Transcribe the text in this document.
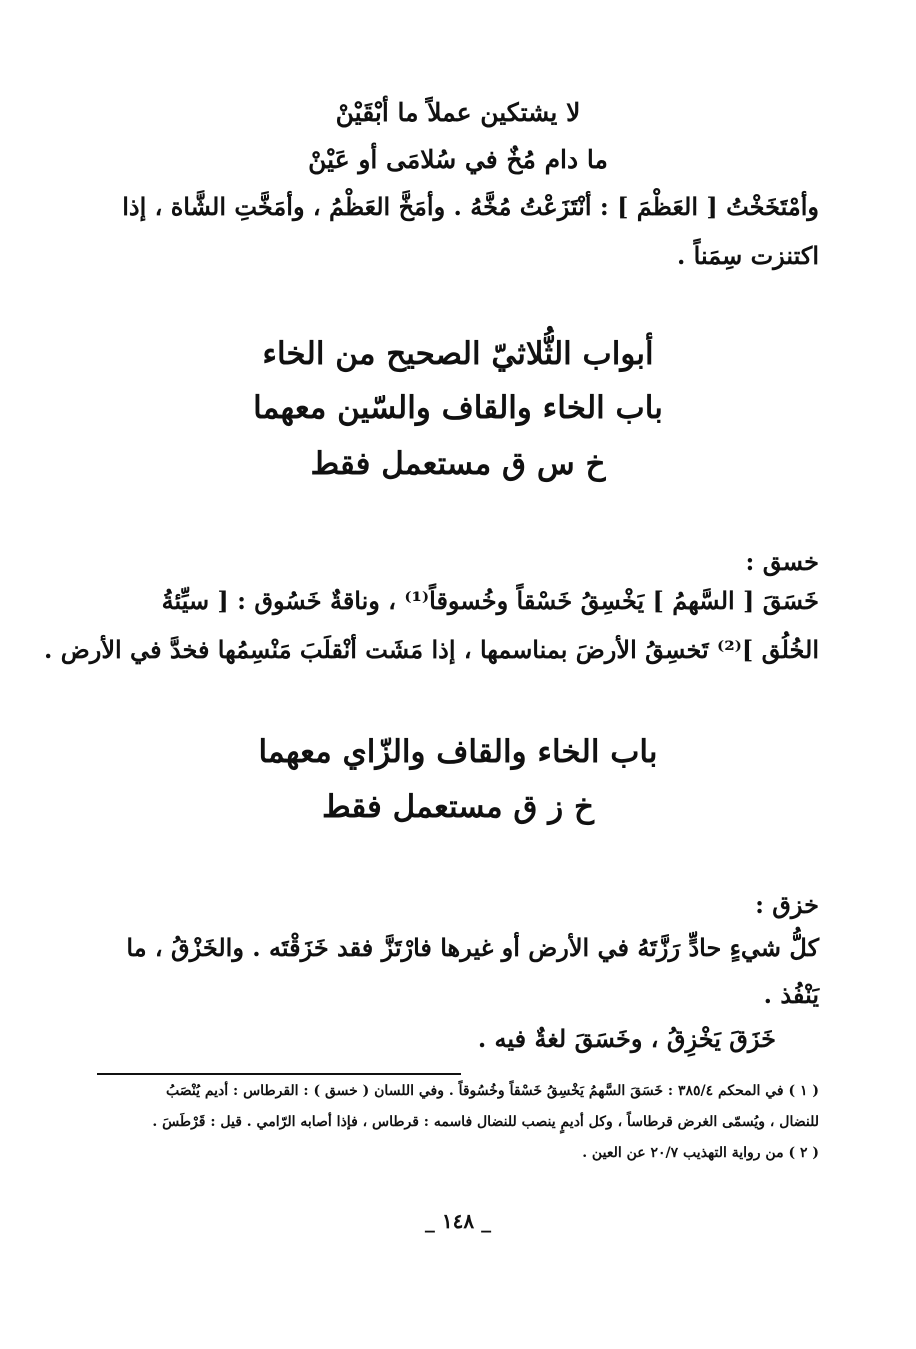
لا يشتكين عملاً ما أبْقَيْنْ
ما دام مُخٌ في سُلامَى أو عَيْنْ
وأمْتَخَخْتُ [ العَظْمَ ] : أنْتَزَعْتُ مُخَّهُ . وأمَخَّ العَظْمُ ، وأمَخَّتِ الشَّاة ، إذا
اكتنزت سِمَناً .
أبواب الثُّلاثيّ الصحيح من الخاء
باب الخاء والقاف والسّين معهما
خ س ق مستعمل فقط
خسق :
خَسَقَ [ السَّهمُ ] يَخْسِقُ خَسْقاً وخُسوقاً⁽¹⁾ ، وناقةٌ خَسُوق : [ سيِّئةُ
الخُلُق ]⁽²⁾ تَخسِقُ الأرضَ بمناسمها ، إذا مَشَت أنْقلَبَ مَنْسِمُها فخدَّ في الأرض .
باب الخاء والقاف والزّاي معهما
خ ز ق مستعمل فقط
خزق :
كلُّ شيءٍ حادٍّ رَزَّتَهُ في الأرض أو غيرها فارْتَزَّ فقد خَزَقْتَه . والخَزْقُ ، ما
يَنْفُذ .
خَزَقَ يَخْزِقُ ، وخَسَقَ لغةٌ فيه .
( ١ ) في المحكم ٣٨٥/٤ : خَسَقَ السَّهمُ يَخْسِقُ خَسْقاً وخُسُوقاً . وفي اللسان ( خسق ) : القرطاس : أديم يُنْصَبُ
للنضال ، ويُسمّى الغرض قرطاساً ، وكل أديمٍ ينصب للنضال فاسمه : قرطاس ، فإذا أصابه الرّامي . قيل : قَرْطَسَ .
( ٢ ) من رواية التهذيب ٢٠/٧ عن العين .
_ ١٤٨ _
